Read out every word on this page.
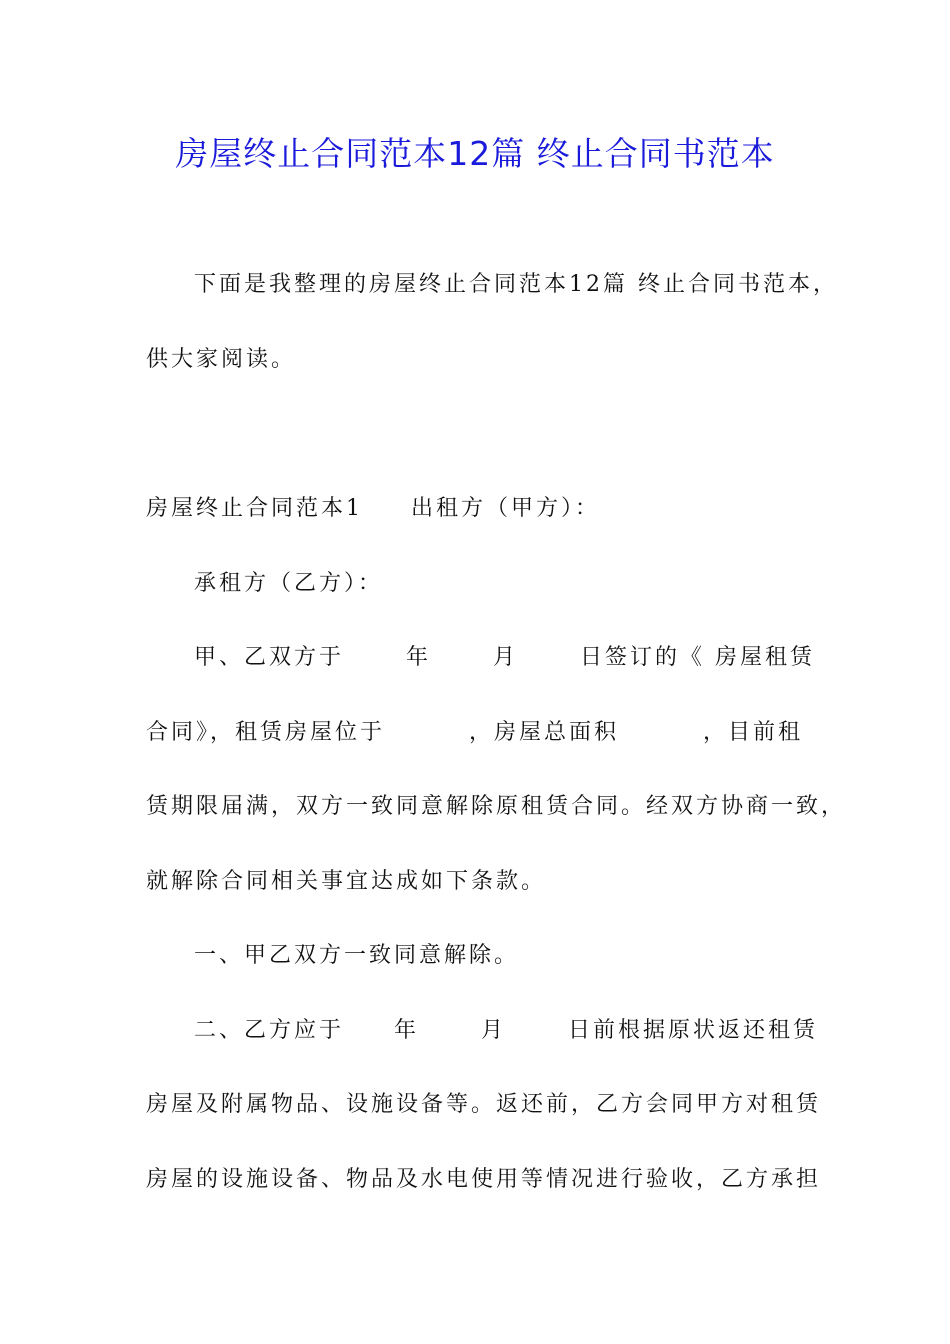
房屋终止合同范本12篇 终止合同书范本
下面是我整理的房屋终止合同范本12篇 终止合同书范本，
供大家阅读。
房屋终止合同范本1 出租方（甲方）：
承租方（乙方）：
甲、乙双方于	年	月	日签订的《 房屋租赁
合同》，租赁房屋位于	，房屋总面积	，目前租
赁期限届满，双方一致同意解除原租赁合同。经双方协商一致，
就解除合同相关事宜达成如下条款。
一、甲乙双方一致同意解除。
二、乙方应于 年	月	日前根据原状返还租赁
房屋及附属物品、设施设备等。返还前，乙方会同甲方对租赁
房屋的设施设备、物品及水电使用等情况进行验收，乙方承担
